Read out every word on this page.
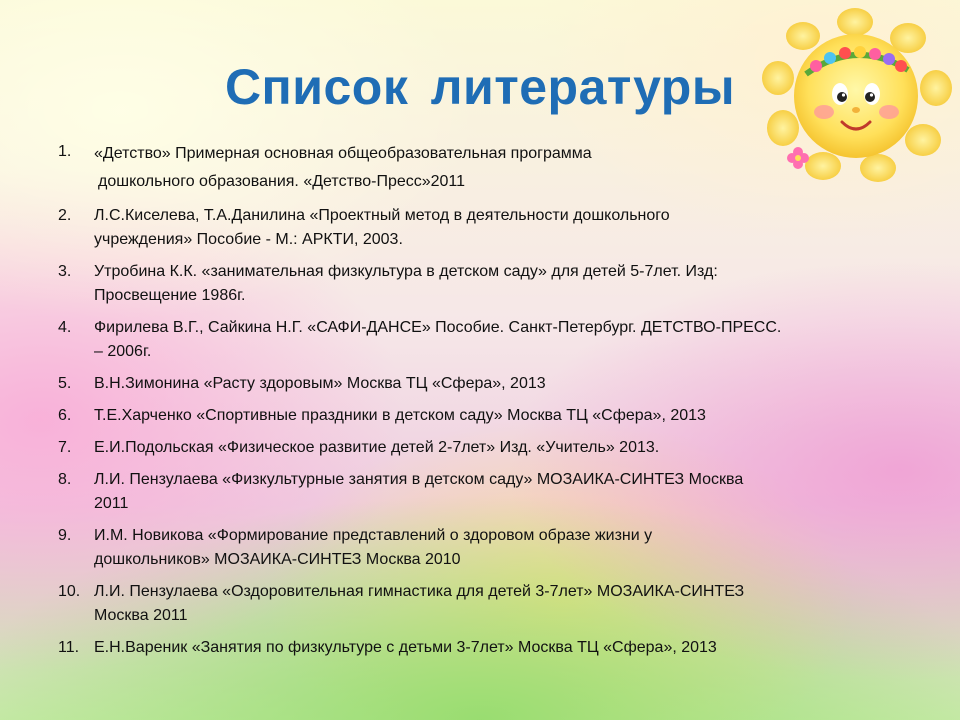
Список литературы
1. «Детство» Примерная основная общеобразовательная программа
дошкольного образования. «Детство-Пресс»2011
2. Л.С.Киселева, Т.А.Данилина «Проектный метод в деятельности дошкольного
учреждения» Пособие - М.: АРКТИ, 2003.
3. Утробина К.К. «занимательная физкультура в детском саду» для детей 5-7лет. Изд:
Просвещение 1986г.
4. Фирилева В.Г., Сайкина Н.Г. «САФИ-ДАНСЕ» Пособие. Санкт-Петербург. ДЕТСТВО-ПРЕСС.
– 2006г.
5. В.Н.Зимонина «Расту здоровым» Москва ТЦ «Сфера», 2013
6. Т.Е.Харченко «Спортивные праздники в детском саду» Москва ТЦ «Сфера», 2013
7. Е.И.Подольская «Физическое развитие детей 2-7лет» Изд. «Учитель» 2013.
8. Л.И. Пензулаева «Физкультурные занятия в детском саду» МОЗАИКА-СИНТЕЗ Москва
2011
9. И.М. Новикова «Формирование представлений о здоровом образе жизни у
дошкольников» МОЗАИКА-СИНТЕЗ Москва 2010
10. Л.И. Пензулаева «Оздоровительная гимнастика для детей 3-7лет» МОЗАИКА-СИНТЕЗ
Москва 2011
11. Е.Н.Вареник «Занятия по физкультуре с детьми 3-7лет» Москва ТЦ «Сфера», 2013
